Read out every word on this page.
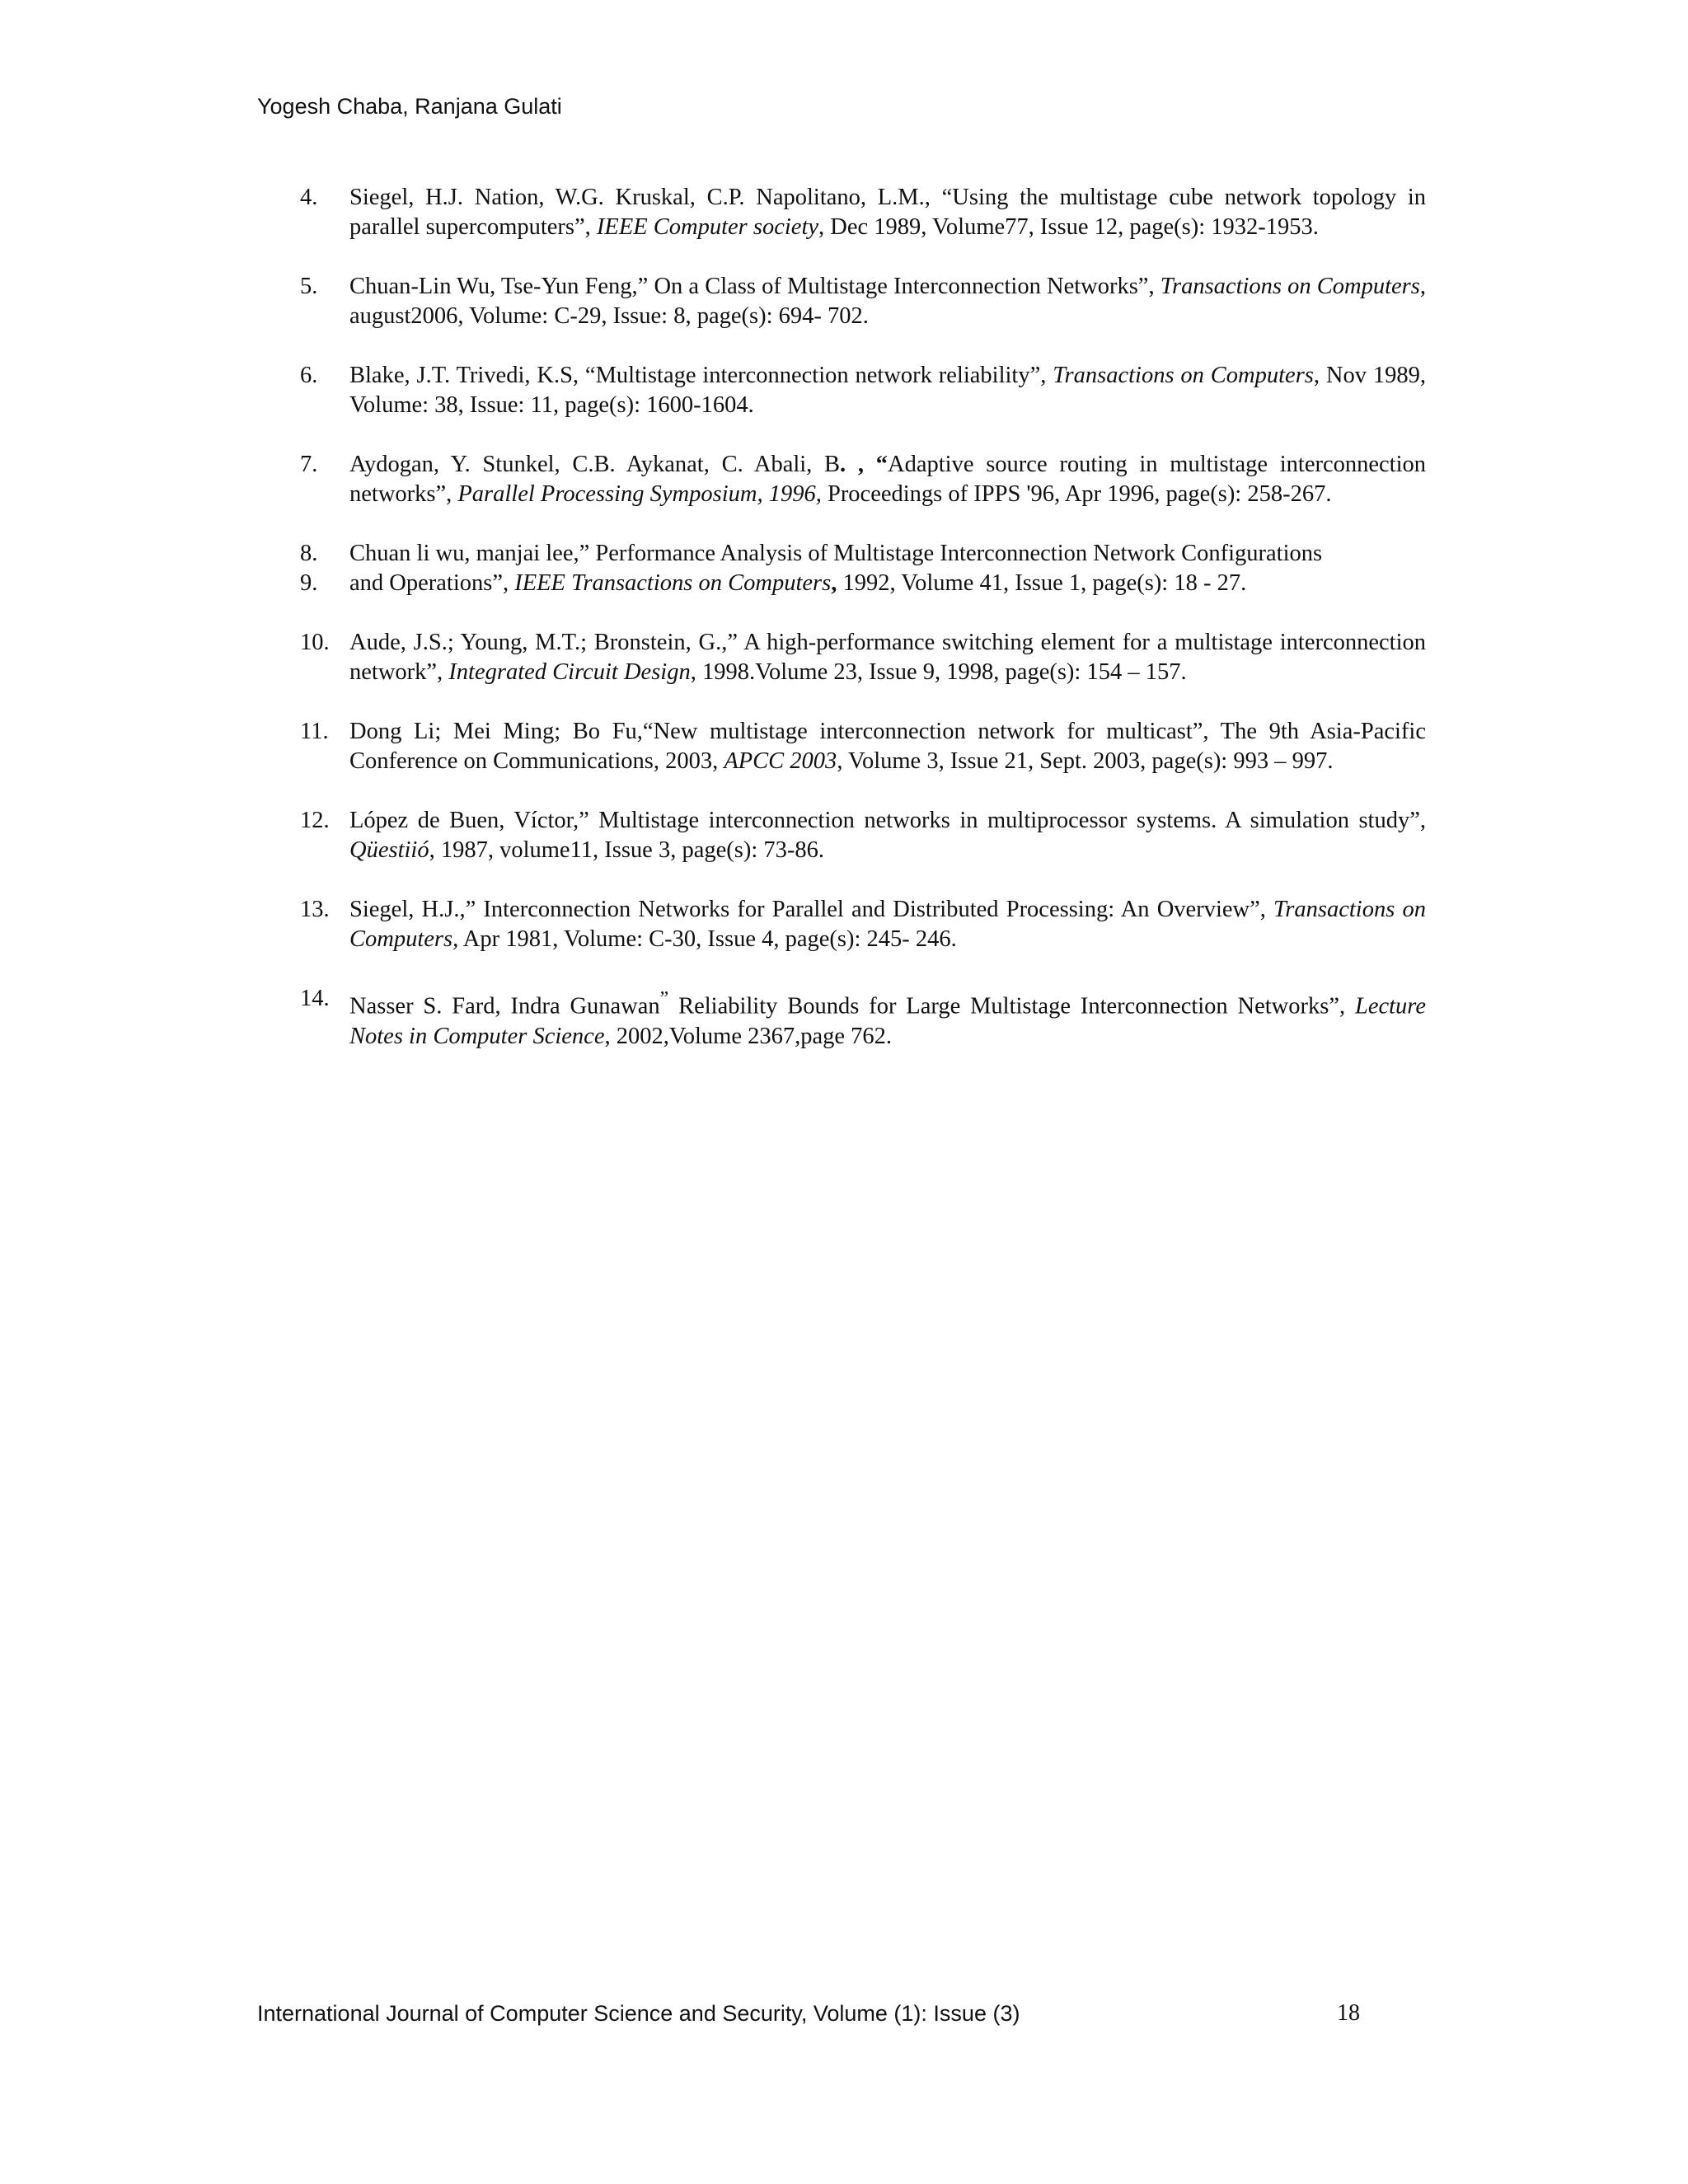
Yogesh Chaba, Ranjana Gulati
4.	Siegel, H.J. Nation, W.G. Kruskal, C.P. Napolitano, L.M., “Using the multistage cube network topology in parallel supercomputers”, IEEE Computer society, Dec 1989, Volume77, Issue 12, page(s): 1932-1953.
5.	Chuan-Lin Wu, Tse-Yun Feng,” On a Class of Multistage Interconnection Networks”, Transactions on Computers, august2006, Volume: C-29, Issue: 8, page(s): 694- 702.
6.	Blake, J.T. Trivedi, K.S, “Multistage interconnection network reliability”, Transactions on Computers, Nov 1989, Volume: 38, Issue: 11, page(s): 1600-1604.
7.	Aydogan, Y. Stunkel, C.B. Aykanat, C. Abali, B. , “Adaptive source routing in multistage interconnection networks”, Parallel Processing Symposium, 1996, Proceedings of IPPS '96, Apr 1996, page(s): 258-267.
8.
9.
Chuan li wu, manjai lee,” Performance Analysis of Multistage Interconnection Network Configurations
and Operations”, IEEE Transactions on Computers, 1992, Volume 41, Issue 1, page(s): 18 - 27.
10. Aude, J.S.; Young, M.T.; Bronstein, G.,” A high-performance switching element for a multistage interconnection network”, Integrated Circuit Design, 1998.Volume 23, Issue 9, 1998, page(s): 154 – 157.
11. Dong Li; Mei Ming; Bo Fu,“New multistage interconnection network for multicast”, The 9th Asia-Pacific Conference on Communications, 2003, APCC 2003, Volume 3, Issue 21, Sept. 2003, page(s): 993 – 997.
12. López de Buen, Víctor,” Multistage interconnection networks in multiprocessor systems. A simulation study”, Qüestiió, 1987, volume11, Issue 3, page(s): 73-86.
13. Siegel, H.J.,” Interconnection Networks for Parallel and Distributed Processing: An Overview”, Transactions on Computers, Apr 1981, Volume: C-30, Issue 4, page(s): 245- 246.
14. Nasser S. Fard, Indra Gunawan” Reliability Bounds for Large Multistage Interconnection Networks”, Lecture Notes in Computer Science, 2002,Volume 2367,page 762.
International Journal of Computer Science and Security, Volume (1): Issue (3)	18
